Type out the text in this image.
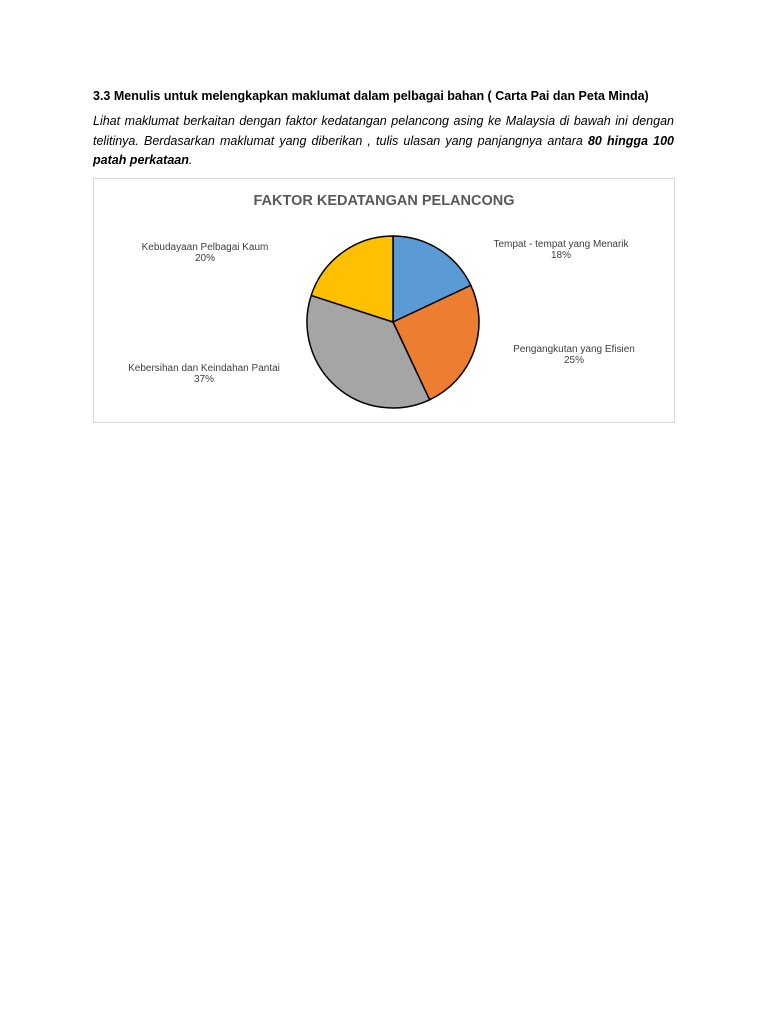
3.3 Menulis untuk melengkapkan maklumat dalam pelbagai bahan ( Carta Pai dan Peta Minda)
Lihat maklumat berkaitan dengan faktor kedatangan pelancong asing ke Malaysia di bawah ini dengan telitinya. Berdasarkan maklumat yang diberikan , tulis ulasan yang panjangnya antara 80 hingga 100 patah perkataan.
FAKTOR KEDATANGAN PELANCONG
Tempat - tempat yang Menarik
18%
Pengangkutan yang Efisien
25%
Kebersihan dan Keindahan Pantai
37%
Kebudayaan Pelbagai Kaum
20%
